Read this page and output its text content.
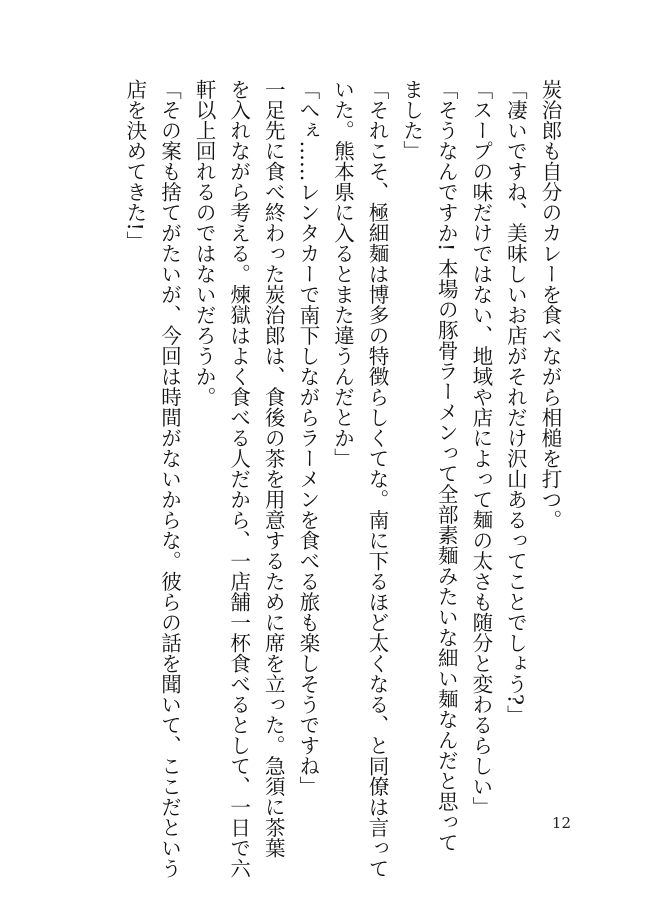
炭治郎も自分のカレーを食べながら相槌を打つ。

「凄いですね、美味しいお店がそれだけ沢山あるってことでしょう?」

「スープの味だけではない、地域や店によって麺の太さも随分と変わるらしい」

「そうなんですか! 本場の豚骨ラーメンって全部素麺みたいな細い麺なんだと思って

ました」

「それこそ、極細麺は博多の特徴らしくてな。南に下るほど太くなる、と同僚は言って

いた。熊本県に入るとまた違うんだとか」

「へぇ……レンタカーで南下しながらラーメンを食べる旅も楽しそうですね」

一足先に食べ終わった炭治郎は、食後の茶を用意するために席を立った。急須に茶葉

を入れながら考える。煉獄はよく食べる人だから、一店舗一杯食べるとして、一日で六

軒以上回れるのではないだろうか。

「その案も捨てがたいが、今回は時間がないからな。彼らの話を聞いて、ここだという

店を決めてきた!」

12
